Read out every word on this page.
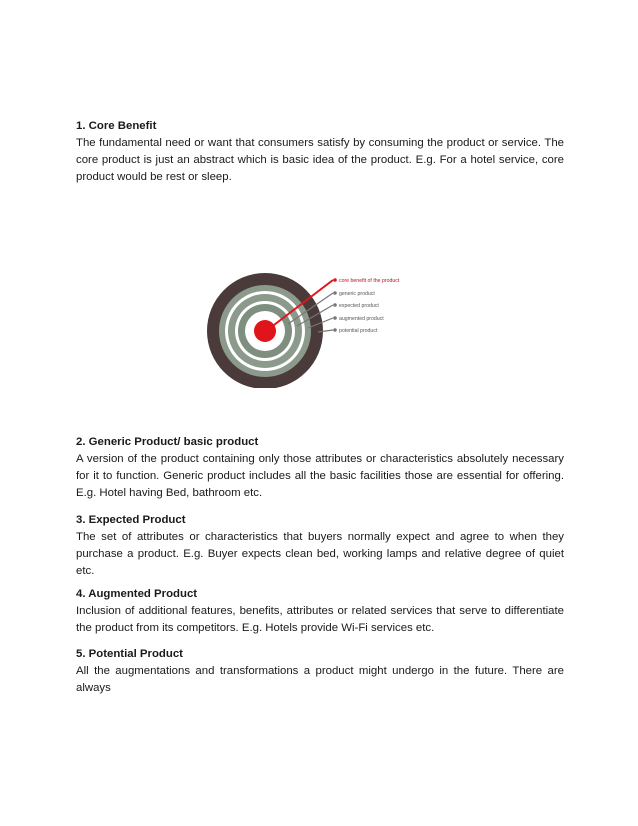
1. Core Benefit
The fundamental need or want that consumers satisfy by consuming the product or service. The core product is just an abstract which is basic idea of the product. E.g. For a hotel service, core product would be rest or sleep.
core benefit of the product
generic product
expected product
augmented product
potential product
2. Generic Product/ basic product
A version of the product containing only those attributes or characteristics absolutely necessary for it to function. Generic product includes all the basic facilities those are essential for offering. E.g. Hotel having Bed, bathroom etc.
3. Expected Product
The set of attributes or characteristics that buyers normally expect and agree to when they purchase a product. E.g. Buyer expects clean bed, working lamps and relative degree of quiet etc.
4. Augmented Product
Inclusion of additional features, benefits, attributes or related services that serve to differentiate the product from its competitors. E.g. Hotels provide Wi-Fi services etc.
5. Potential Product
All the augmentations and transformations a product might undergo in the future. There are always
